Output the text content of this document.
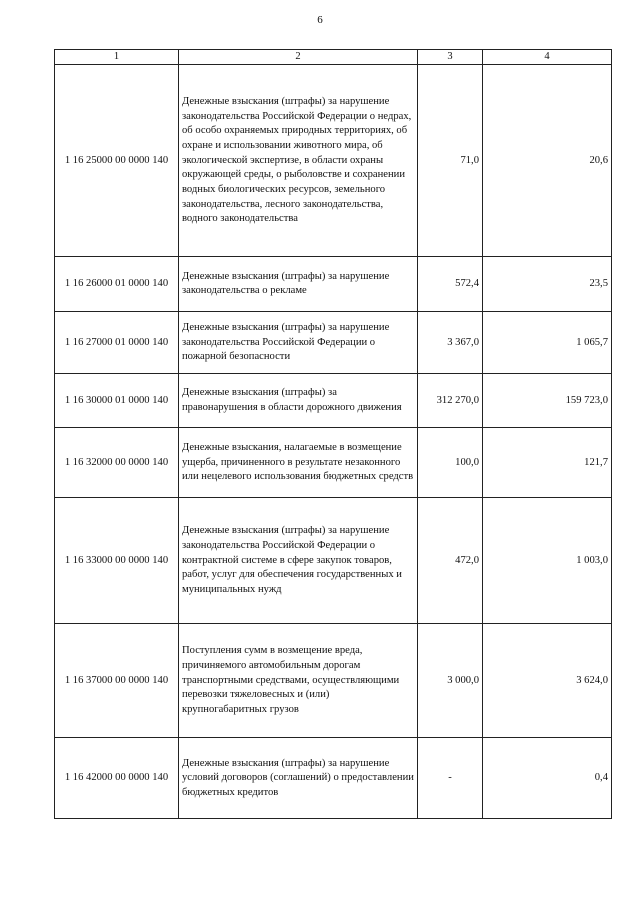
6
1	2	3	4
1 16 25000 00 0000 140	Денежные взыскания (штрафы) за нарушение законодательства Российской Федерации о недрах, об особо охраняемых природных территориях, об охране и использовании животного мира, об экологической экспертизе, в области охраны окружающей среды, о рыболовстве и сохранении водных биологических ресурсов, земельного законодательства, лесного законодательства, водного законодательства	71,0	20,6
1 16 26000 01 0000 140	Денежные взыскания (штрафы) за нарушение законодательства о рекламе	572,4	23,5
1 16 27000 01 0000 140	Денежные взыскания (штрафы) за нарушение законодательства Российской Федерации о пожарной безопасности	3 367,0	1 065,7
1 16 30000 01 0000 140	Денежные взыскания (штрафы) за правонарушения в области дорожного движения	312 270,0	159 723,0
1 16 32000 00 0000 140	Денежные взыскания, налагаемые в возмещение ущерба, причиненного в результате незаконного или нецелевого использования бюджетных средств	100,0	121,7
1 16 33000 00 0000 140	Денежные взыскания (штрафы) за нарушение законодательства Российской Федерации о контрактной системе в сфере закупок товаров, работ, услуг для обеспечения государственных и муниципальных нужд	472,0	1 003,0
1 16 37000 00 0000 140	Поступления сумм в возмещение вреда, причиняемого автомобильным дорогам транспортными средствами, осуществляющими перевозки тяжеловесных и (или) крупногабаритных грузов	3 000,0	3 624,0
1 16 42000 00 0000 140	Денежные взыскания (штрафы) за нарушение условий договоров (соглашений) о предоставлении бюджетных кредитов	-	0,4
